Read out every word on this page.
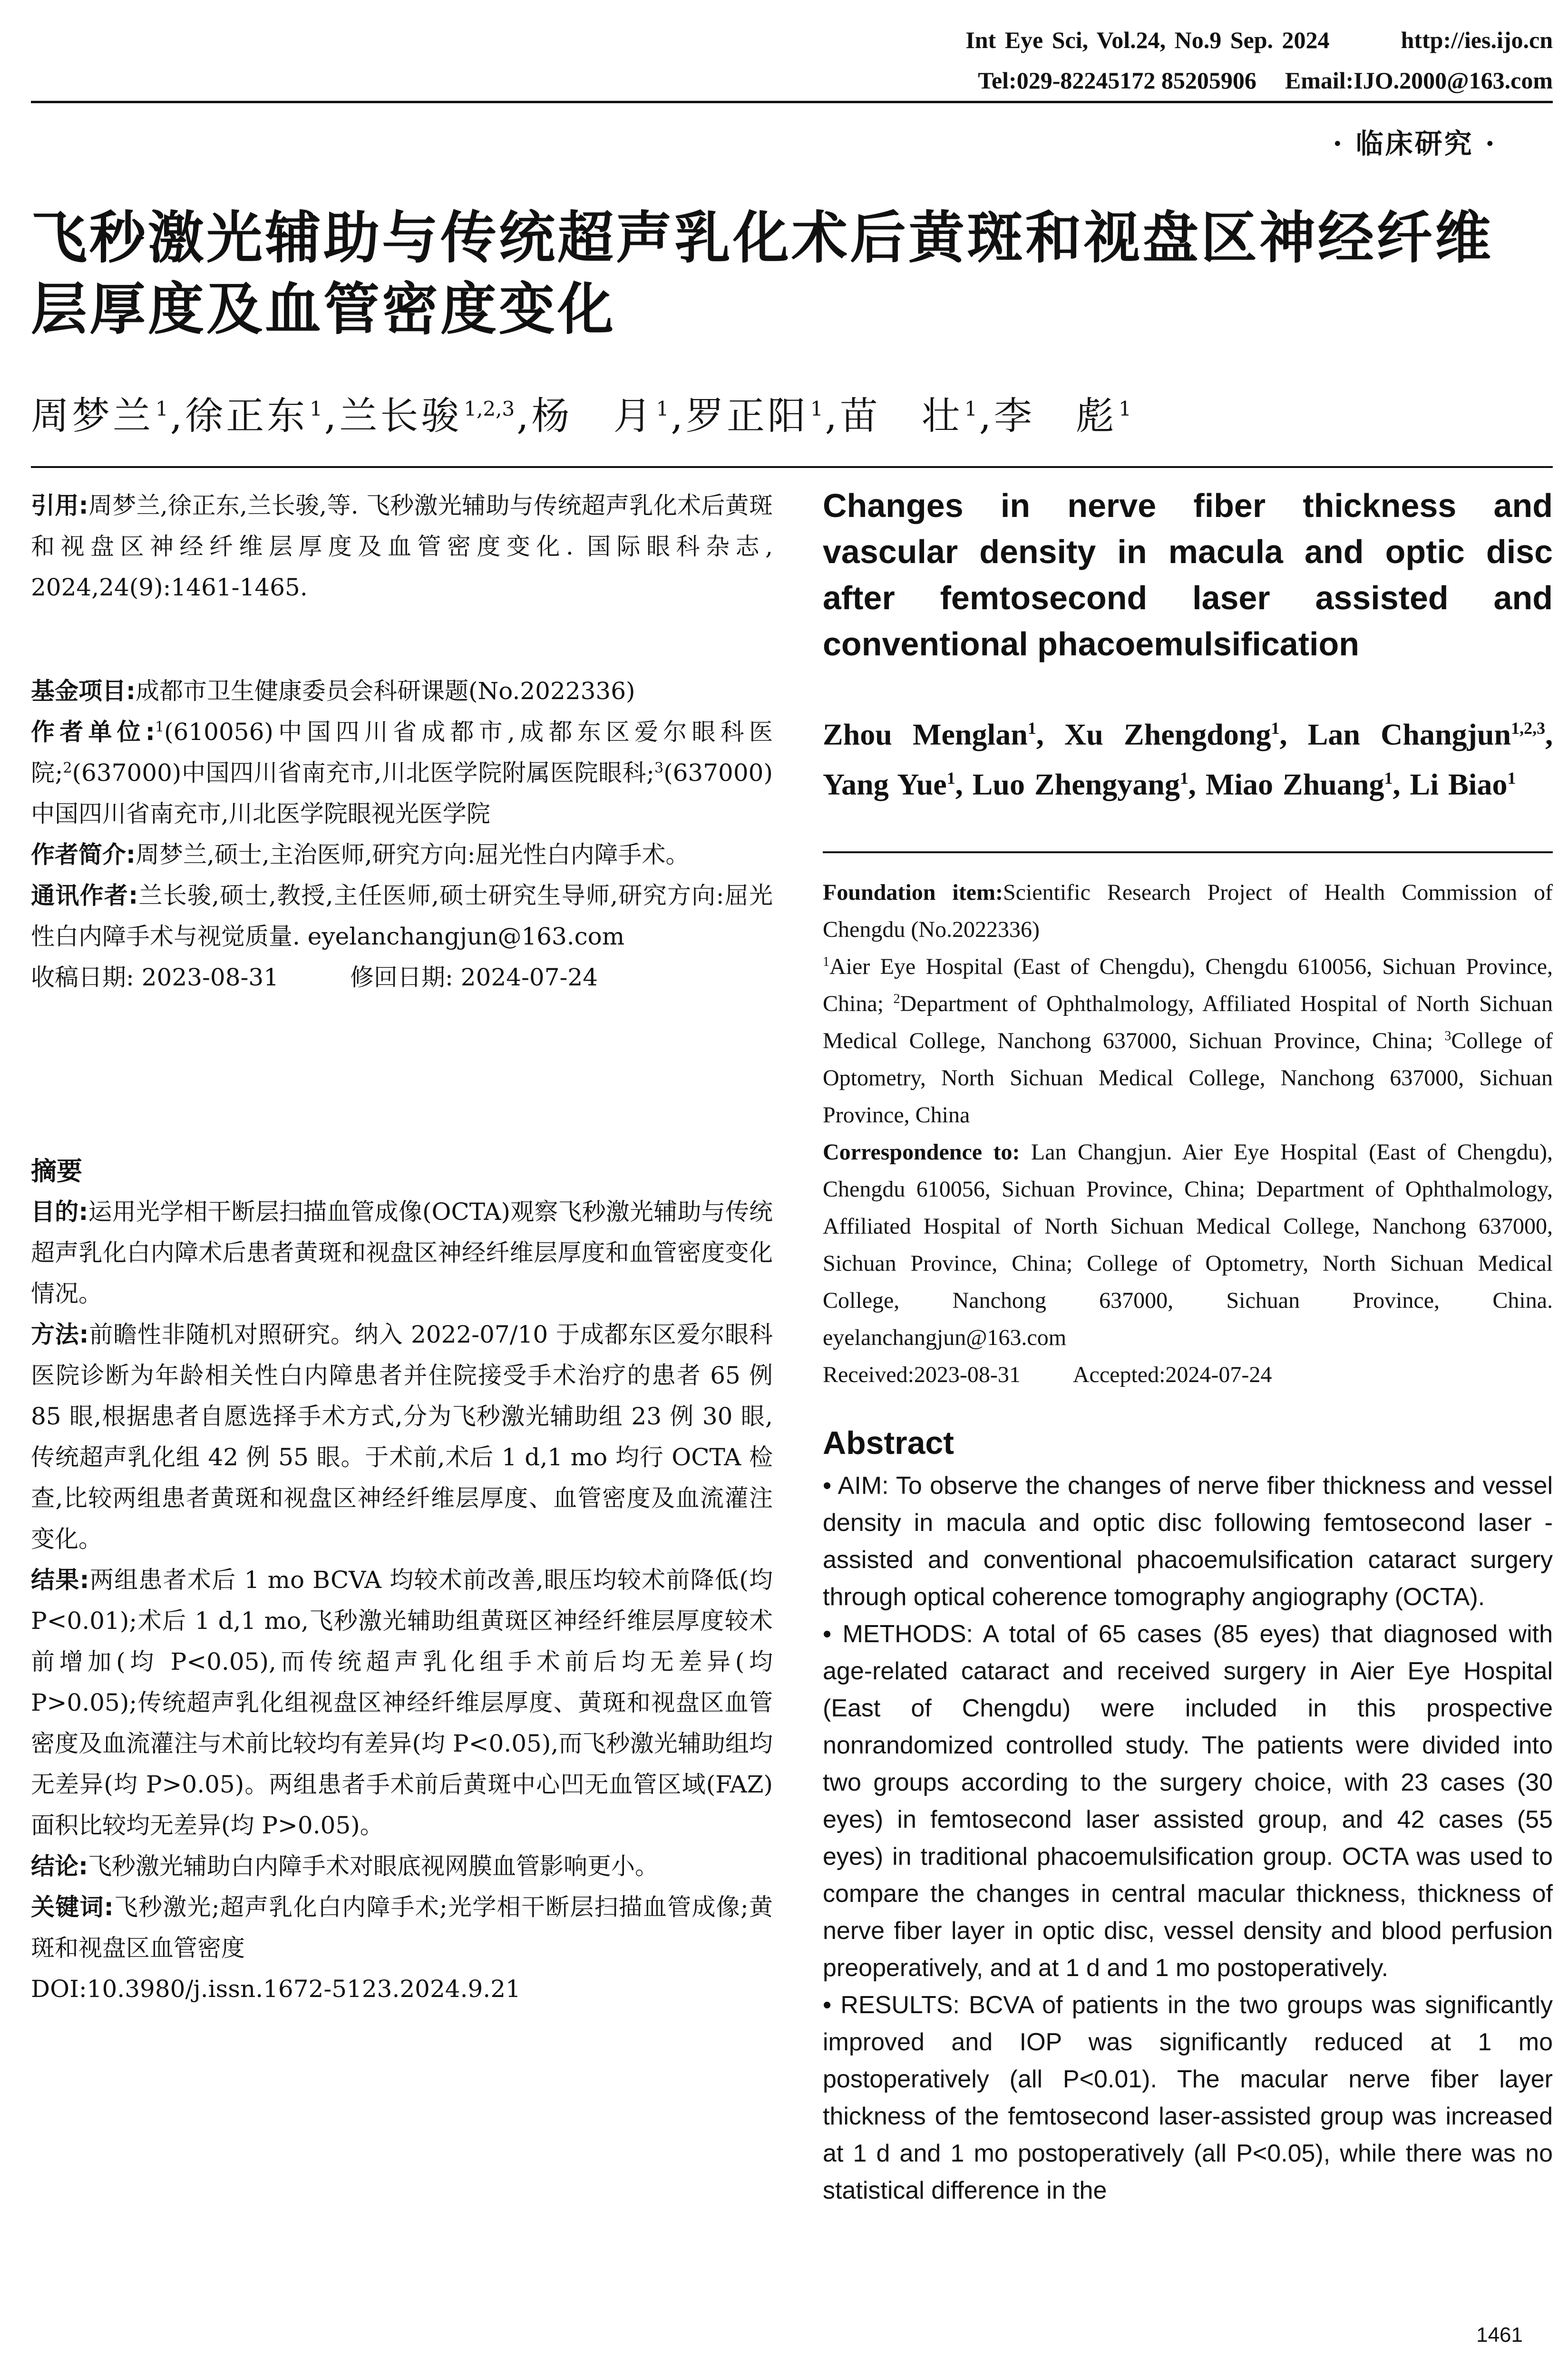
Int Eye Sci, Vol.24, No.9 Sep. 2024	http://ies.ijo.cn
Tel:029-82245172 85205906 Email:IJO.2000@163.com
· 临床研究 ·
飞秒激光辅助与传统超声乳化术后黄斑和视盘区神经纤维层厚度及血管密度变化
周梦兰$^1$,徐正东$^1$,兰长骏$^{1,2,3}$,杨　月$^1$,罗正阳$^1$,苗　壮$^1$,李　彪$^1$

引用:周梦兰,徐正东,兰长骏,等. 飞秒激光辅助与传统超声乳化术后黄斑和视盘区神经纤维层厚度及血管密度变化. 国际眼科杂志, 2024,24(9):1461-1465.

基金项目:成都市卫生健康委员会科研课题(No.2022336)

作者单位:$^1$(610056)中国四川省成都市,成都东区爱尔眼科医院;$^2$(637000)中国四川省南充市,川北医学院附属医院眼科;$^3$(637000)中国四川省南充市,川北医学院眼视光医学院

作者简介:周梦兰,硕士,主治医师,研究方向:屈光性白内障手术。

通讯作者:兰长骏,硕士,教授,主任医师,硕士研究生导师,研究方向:屈光性白内障手术与视觉质量. eyelanchangjun@163.com

收稿日期: 2023-08-31	修回日期: 2024-07-24

摘要

目的:运用光学相干断层扫描血管成像(OCTA)观察飞秒激光辅助与传统超声乳化白内障术后患者黄斑和视盘区神经纤维层厚度和血管密度变化情况。

方法:前瞻性非随机对照研究。纳入 2022-07/10 于成都东区爱尔眼科医院诊断为年龄相关性白内障患者并住院接受手术治疗的患者 65 例 85 眼,根据患者自愿选择手术方式,分为飞秒激光辅助组 23 例 30 眼,传统超声乳化组 42 例 55 眼。于术前,术后 1 d,1 mo 均行 OCTA 检查,比较两组患者黄斑和视盘区神经纤维层厚度、血管密度及血流灌注变化。

结果:两组患者术后 1 mo BCVA 均较术前改善,眼压均较术前降低(均 P<0.01);术后 1 d,1 mo,飞秒激光辅助组黄斑区神经纤维层厚度较术前增加(均 P<0.05),而传统超声乳化组手术前后均无差异(均 P>0.05);传统超声乳化组视盘区神经纤维层厚度、黄斑和视盘区血管密度及血流灌注与术前比较均有差异(均 P<0.05),而飞秒激光辅助组均无差异(均 P>0.05)。两组患者手术前后黄斑中心凹无血管区域(FAZ)面积比较均无差异(均 P>0.05)。

结论:飞秒激光辅助白内障手术对眼底视网膜血管影响更小。

关键词:飞秒激光;超声乳化白内障手术;光学相干断层扫描血管成像;黄斑和视盘区血管密度

DOI:10.3980/j.issn.1672-5123.2024.9.21

Changes in nerve fiber thickness and vascular density in macula and optic disc after femtosecond laser assisted and conventional phacoemulsification
Zhou Menglan$^1$, Xu Zhengdong$^1$, Lan Changjun$^{1,2,3}$, Yang Yue$^1$, Luo Zhengyang$^1$, Miao Zhuang$^1$, Li Biao$^1$

Foundation item:Scientific Research Project of Health Commission of Chengdu (No.2022336)

$^1$Aier Eye Hospital (East of Chengdu), Chengdu 610056, Sichuan Province, China; $^2$Department of Ophthalmology, Affiliated Hospital of North Sichuan Medical College, Nanchong 637000, Sichuan Province, China; $^3$College of Optometry, North Sichuan Medical College, Nanchong 637000, Sichuan Province, China

Correspondence to: Lan Changjun. Aier Eye Hospital (East of Chengdu), Chengdu 610056, Sichuan Province, China; Department of Ophthalmology, Affiliated Hospital of North Sichuan Medical College, Nanchong 637000, Sichuan Province, China; College of Optometry, North Sichuan Medical College, Nanchong 637000, Sichuan Province, China. eyelanchangjun@163.com

Received:2023-08-31 Accepted:2024-07-24

Abstract

• AIM: To observe the changes of nerve fiber thickness and vessel density in macula and optic disc following femtosecond laser - assisted and conventional phacoemulsification cataract surgery through optical coherence tomography angiography (OCTA).

• METHODS: A total of 65 cases (85 eyes) that diagnosed with age-related cataract and received surgery in Aier Eye Hospital (East of Chengdu) were included in this prospective nonrandomized controlled study. The patients were divided into two groups according to the surgery choice, with 23 cases (30 eyes) in femtosecond laser assisted group, and 42 cases (55 eyes) in traditional phacoemulsification group. OCTA was used to compare the changes in central macular thickness, thickness of nerve fiber layer in optic disc, vessel density and blood perfusion preoperatively, and at 1 d and 1 mo postoperatively.

• RESULTS: BCVA of patients in the two groups was significantly improved and IOP was significantly reduced at 1 mo postoperatively (all P<0.01). The macular nerve fiber layer thickness of the femtosecond laser-assisted group was increased at 1 d and 1 mo postoperatively (all P<0.05), while there was no statistical difference in the

1461
